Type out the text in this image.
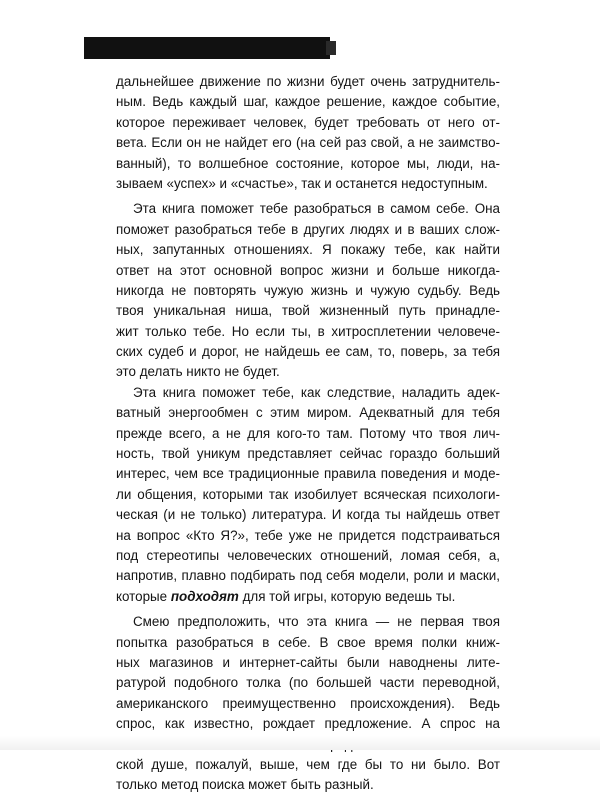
дальнейшее движение по жизни будет очень затруднитель-
ным. Ведь каждый шаг, каждое решение, каждое событие,
которое переживает человек, будет требовать от него от-
вета. Если он не найдет его (на сей раз свой, а не заимство-
ванный), то волшебное состояние, которое мы, люди, на-
зываем «успех» и «счастье», так и останется недоступным.
Эта книга поможет тебе разобраться в самом себе. Она
поможет разобраться тебе в других людях и в ваших слож-
ных, запутанных отношениях. Я покажу тебе, как найти
ответ на этот основной вопрос жизни и больше никогда-
никогда не повторять чужую жизнь и чужую судьбу. Ведь
твоя уникальная ниша, твой жизненный путь принадле-
жит только тебе. Но если ты, в хитросплетении человече-
ских судеб и дорог, не найдешь ее сам, то, поверь, за тебя
это делать никто не будет.
Эта книга поможет тебе, как следствие, наладить адек-
ватный энергообмен с этим миром. Адекватный для тебя
прежде всего, а не для кого-то там. Потому что твоя лич-
ность, твой уникум представляет сейчас гораздо больший
интерес, чем все традиционные правила поведения и моде-
ли общения, которыми так изобилует всяческая психологи-
ческая (и не только) литература. И когда ты найдешь ответ
на вопрос «Кто Я?», тебе уже не придется подстраиваться
под стереотипы человеческих отношений, ломая себя, а,
напротив, плавно подбирать под себя модели, роли и маски,
которые подходят для той игры, которую ведешь ты.
Смею предположить, что эта книга — не первая твоя
попытка разобраться в себе. В свое время полки книж-
ных магазинов и интернет-сайты были наводнены лите-
ратурой подобного толка (по большей части переводной,
американского преимущественно происхождения). Ведь
спрос, как известно, рождает предложение. А спрос на
ской душе, пожалуй, выше, чем где бы то ни было. Вот
только метод поиска может быть разный.
